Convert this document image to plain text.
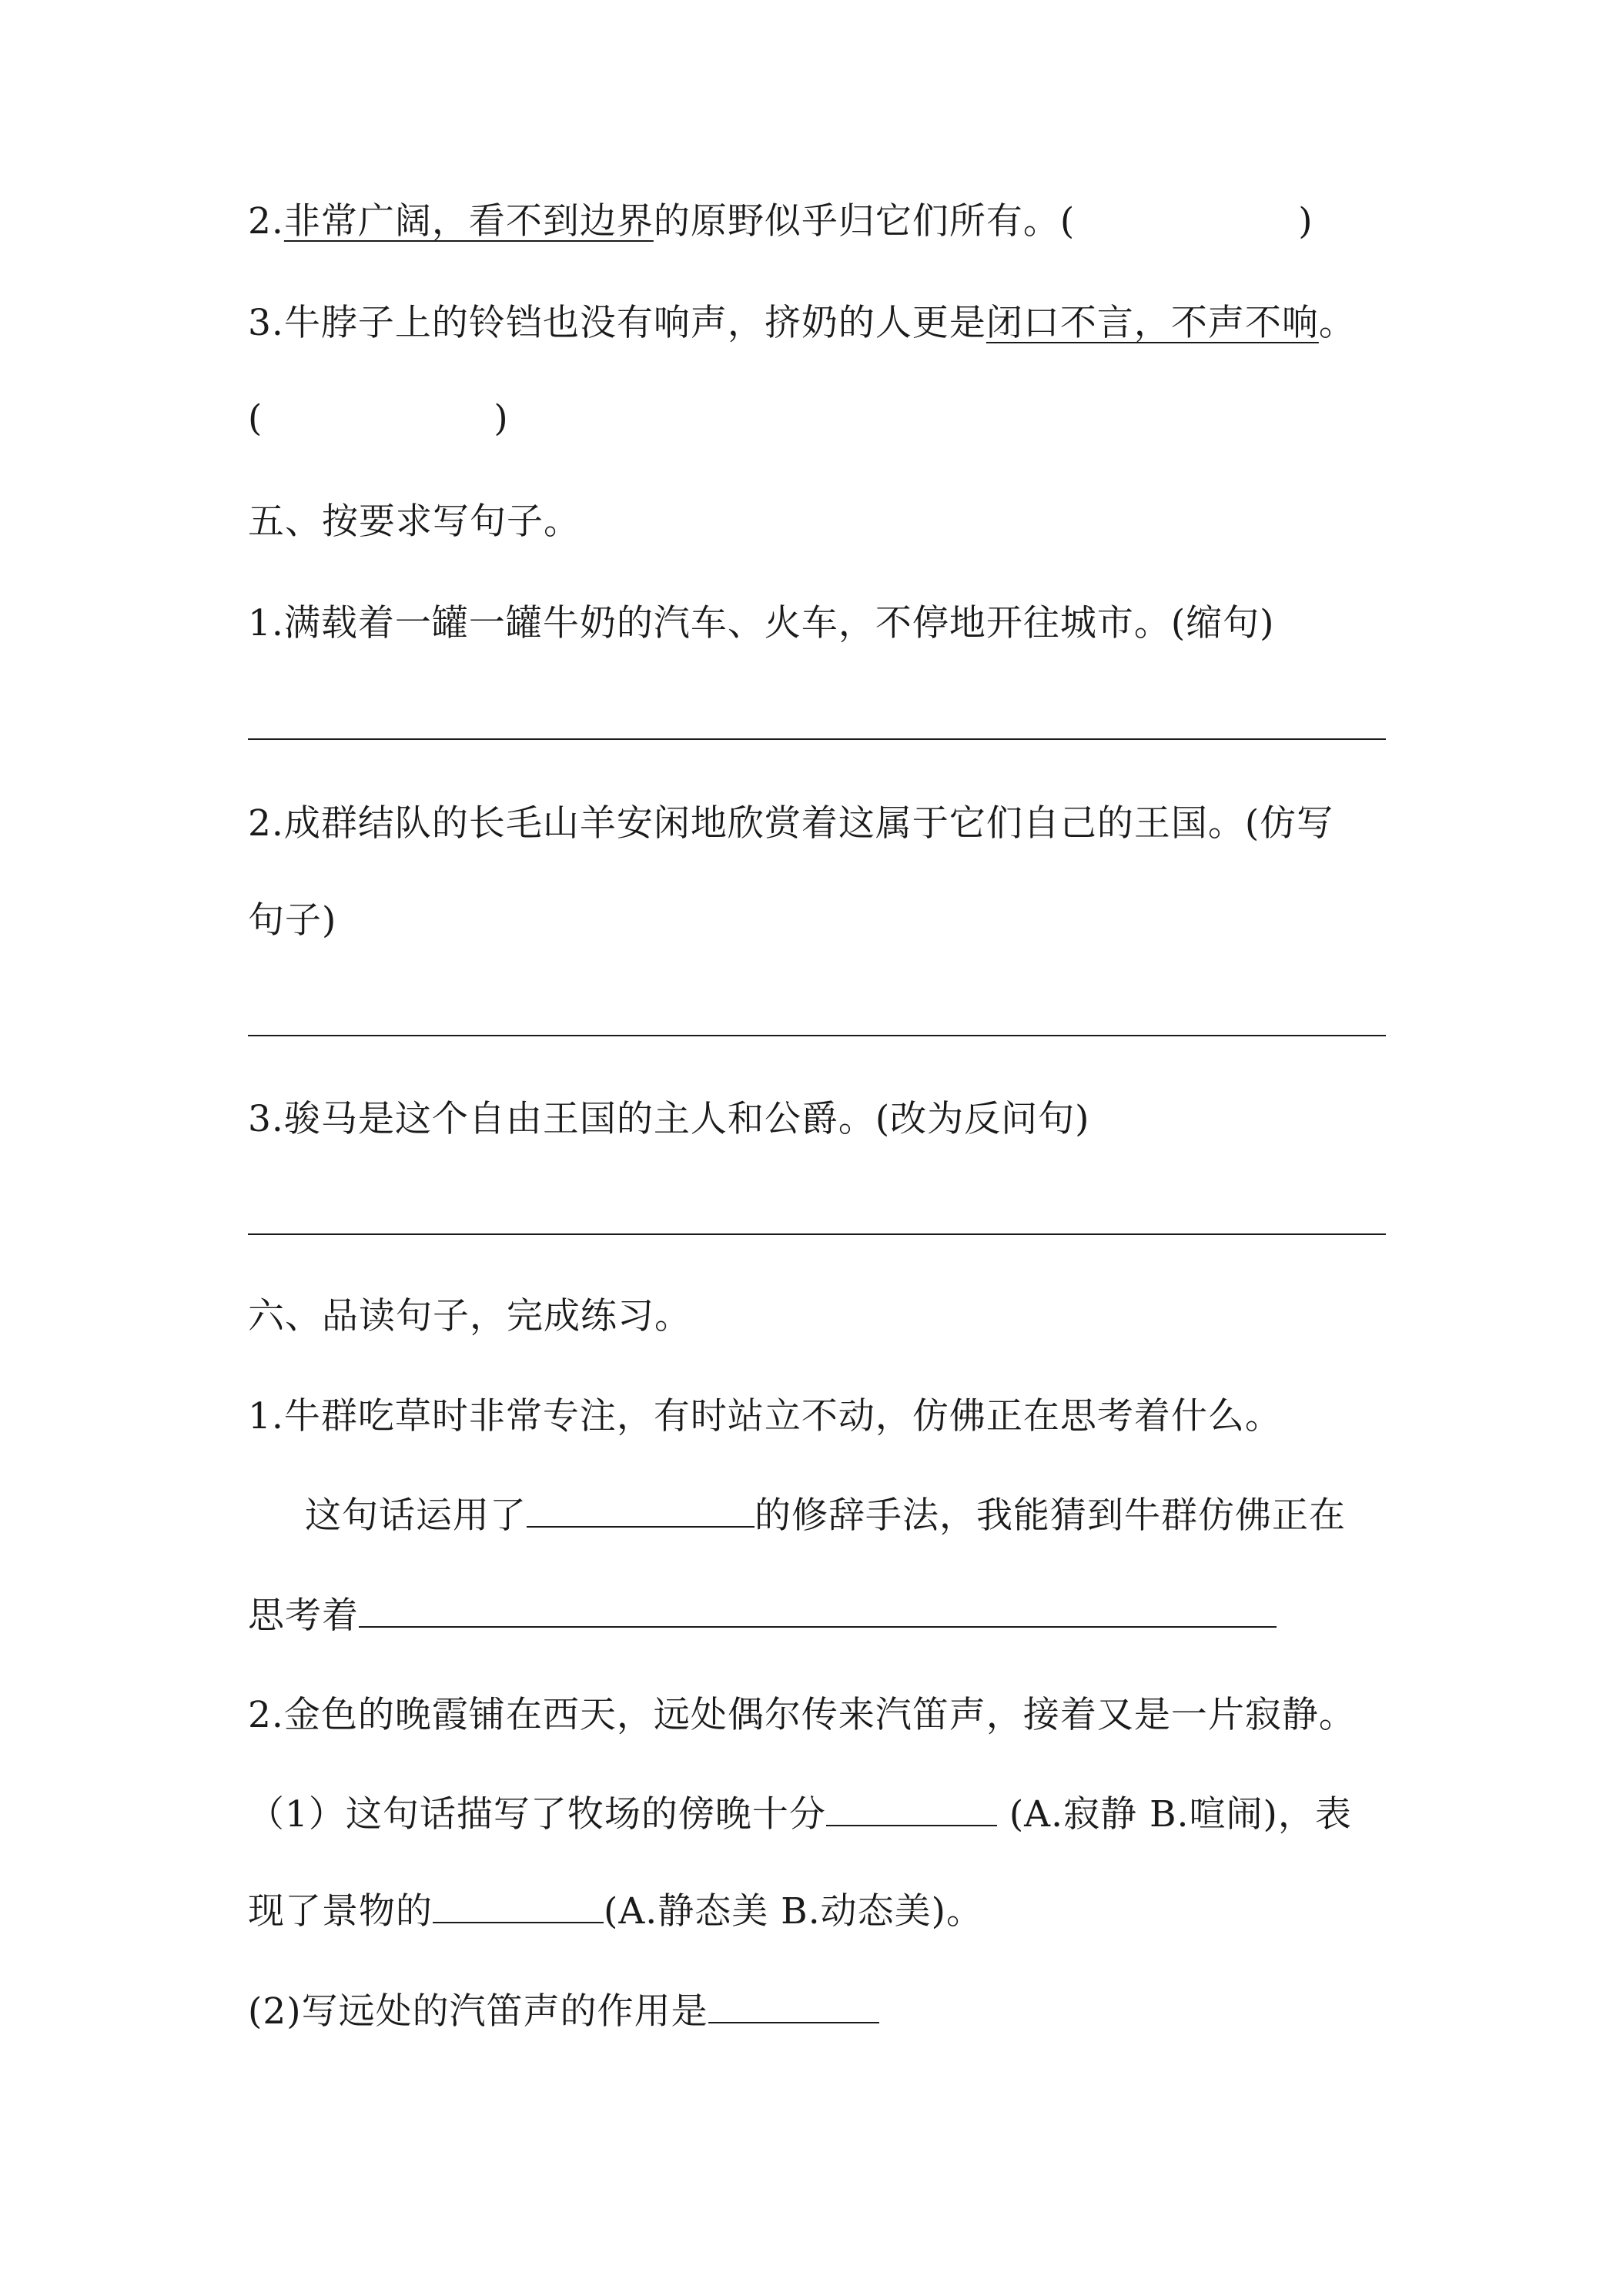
2.非常广阔，看不到边界的原野似乎归它们所有。(	)
3.牛脖子上的铃铛也没有响声，挤奶的人更是闭口不言，不声不响。
(	)
五、按要求写句子。
1.满载着一罐一罐牛奶的汽车、火车，不停地开往城市。(缩句)
2.成群结队的长毛山羊安闲地欣赏着这属于它们自己的王国。(仿写
句子)
3.骏马是这个自由王国的主人和公爵。(改为反问句)
六、品读句子，完成练习。
1.牛群吃草时非常专注，有时站立不动，仿佛正在思考着什么。
这句话运用了	的修辞手法，我能猜到牛群仿佛正在
思考着
2.金色的晚霞铺在西天，远处偶尔传来汽笛声，接着又是一片寂静。
（1）这句话描写了牧场的傍晚十分	(A.寂静 B.喧闹)，表
现了景物的	(A.静态美 B.动态美)。
(2)写远处的汽笛声的作用是
